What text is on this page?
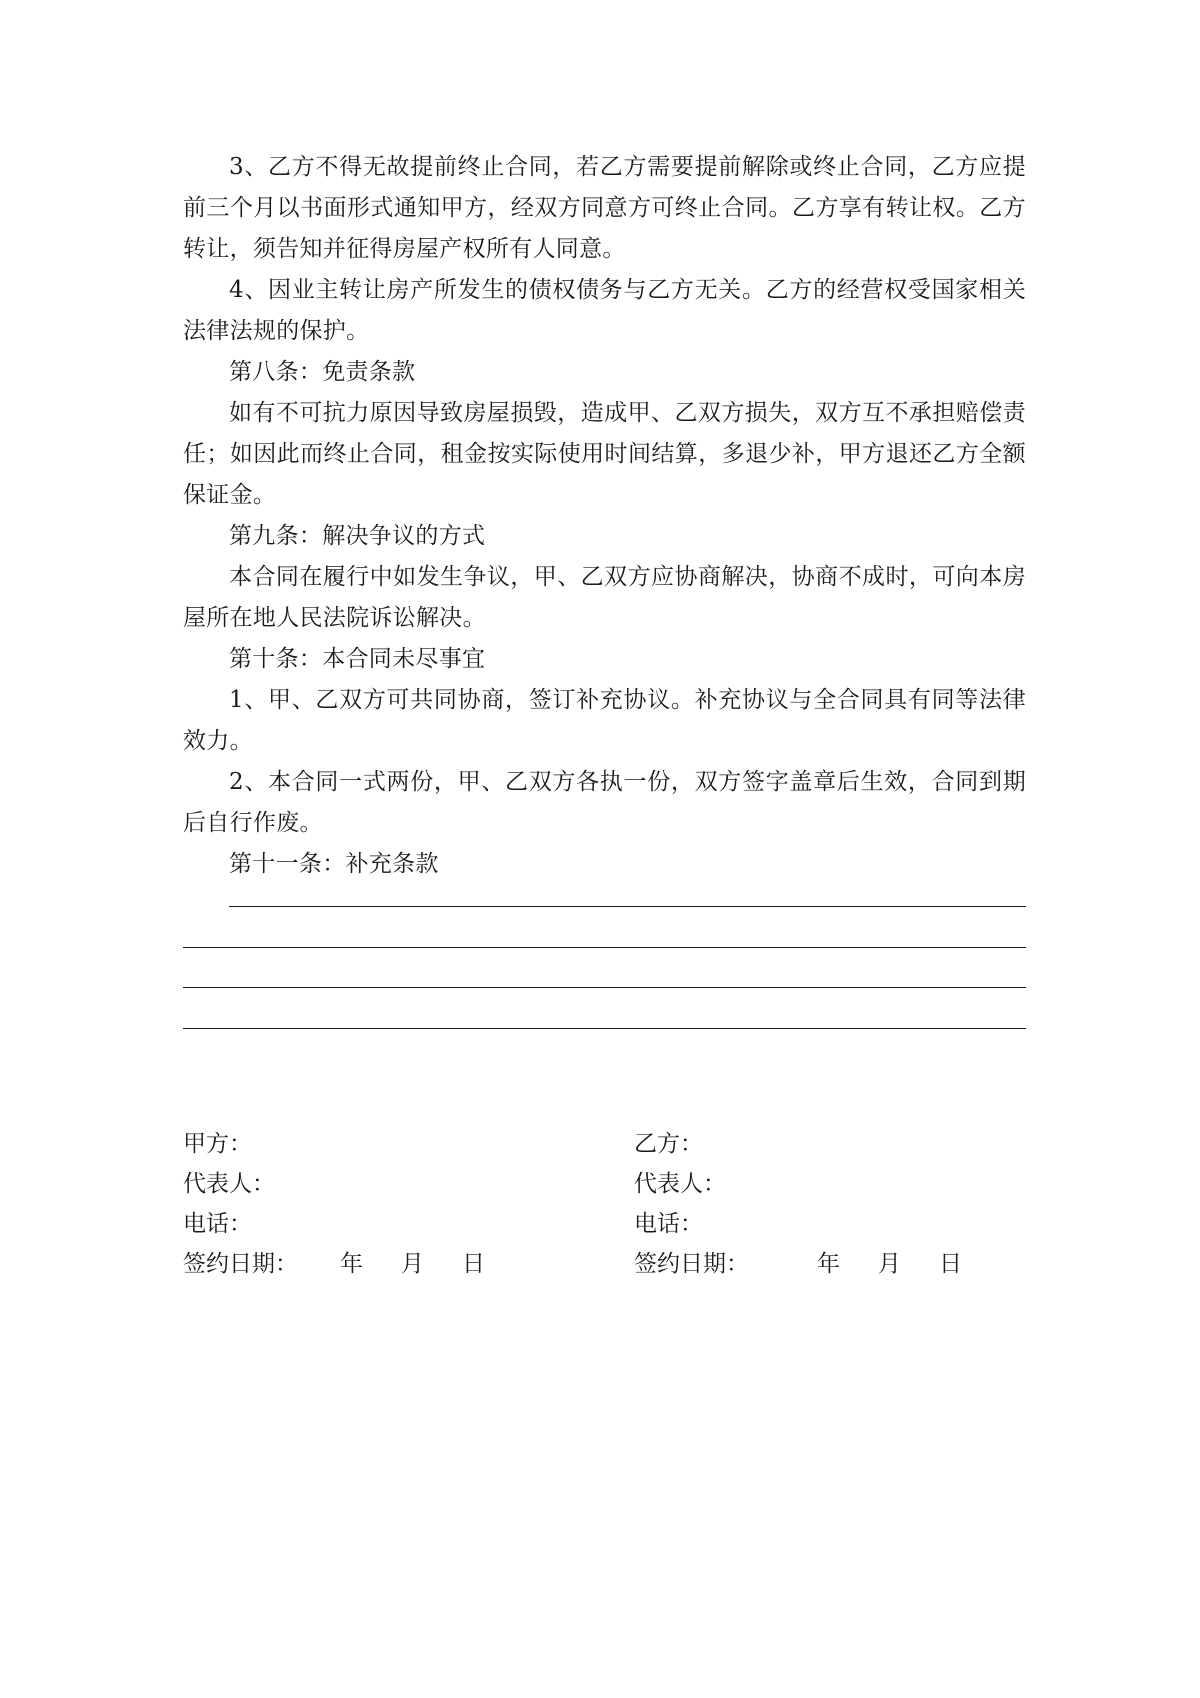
3、乙方不得无故提前终止合同，若乙方需要提前解除或终止合同，乙方应提前三个月以书面形式通知甲方，经双方同意方可终止合同。乙方享有转让权。乙方转让，须告知并征得房屋产权所有人同意。

4、因业主转让房产所发生的债权债务与乙方无关。乙方的经营权受国家相关法律法规的保护。

第八条：免责条款

如有不可抗力原因导致房屋损毁，造成甲、乙双方损失，双方互不承担赔偿责任；如因此而终止合同，租金按实际使用时间结算，多退少补，甲方退还乙方全额保证金。

第九条：解决争议的方式

本合同在履行中如发生争议，甲、乙双方应协商解决，协商不成时，可向本房屋所在地人民法院诉讼解决。

第十条：本合同未尽事宜

1、甲、乙双方可共同协商，签订补充协议。补充协议与全合同具有同等法律效力。

2、本合同一式两份，甲、乙双方各执一份，双方签字盖章后生效，合同到期后自行作废。

第十一条：补充条款

甲方：
代表人：
电话：
签约日期： 年 月 日
乙方：
代表人：
电话：
签约日期：	年 月 日
